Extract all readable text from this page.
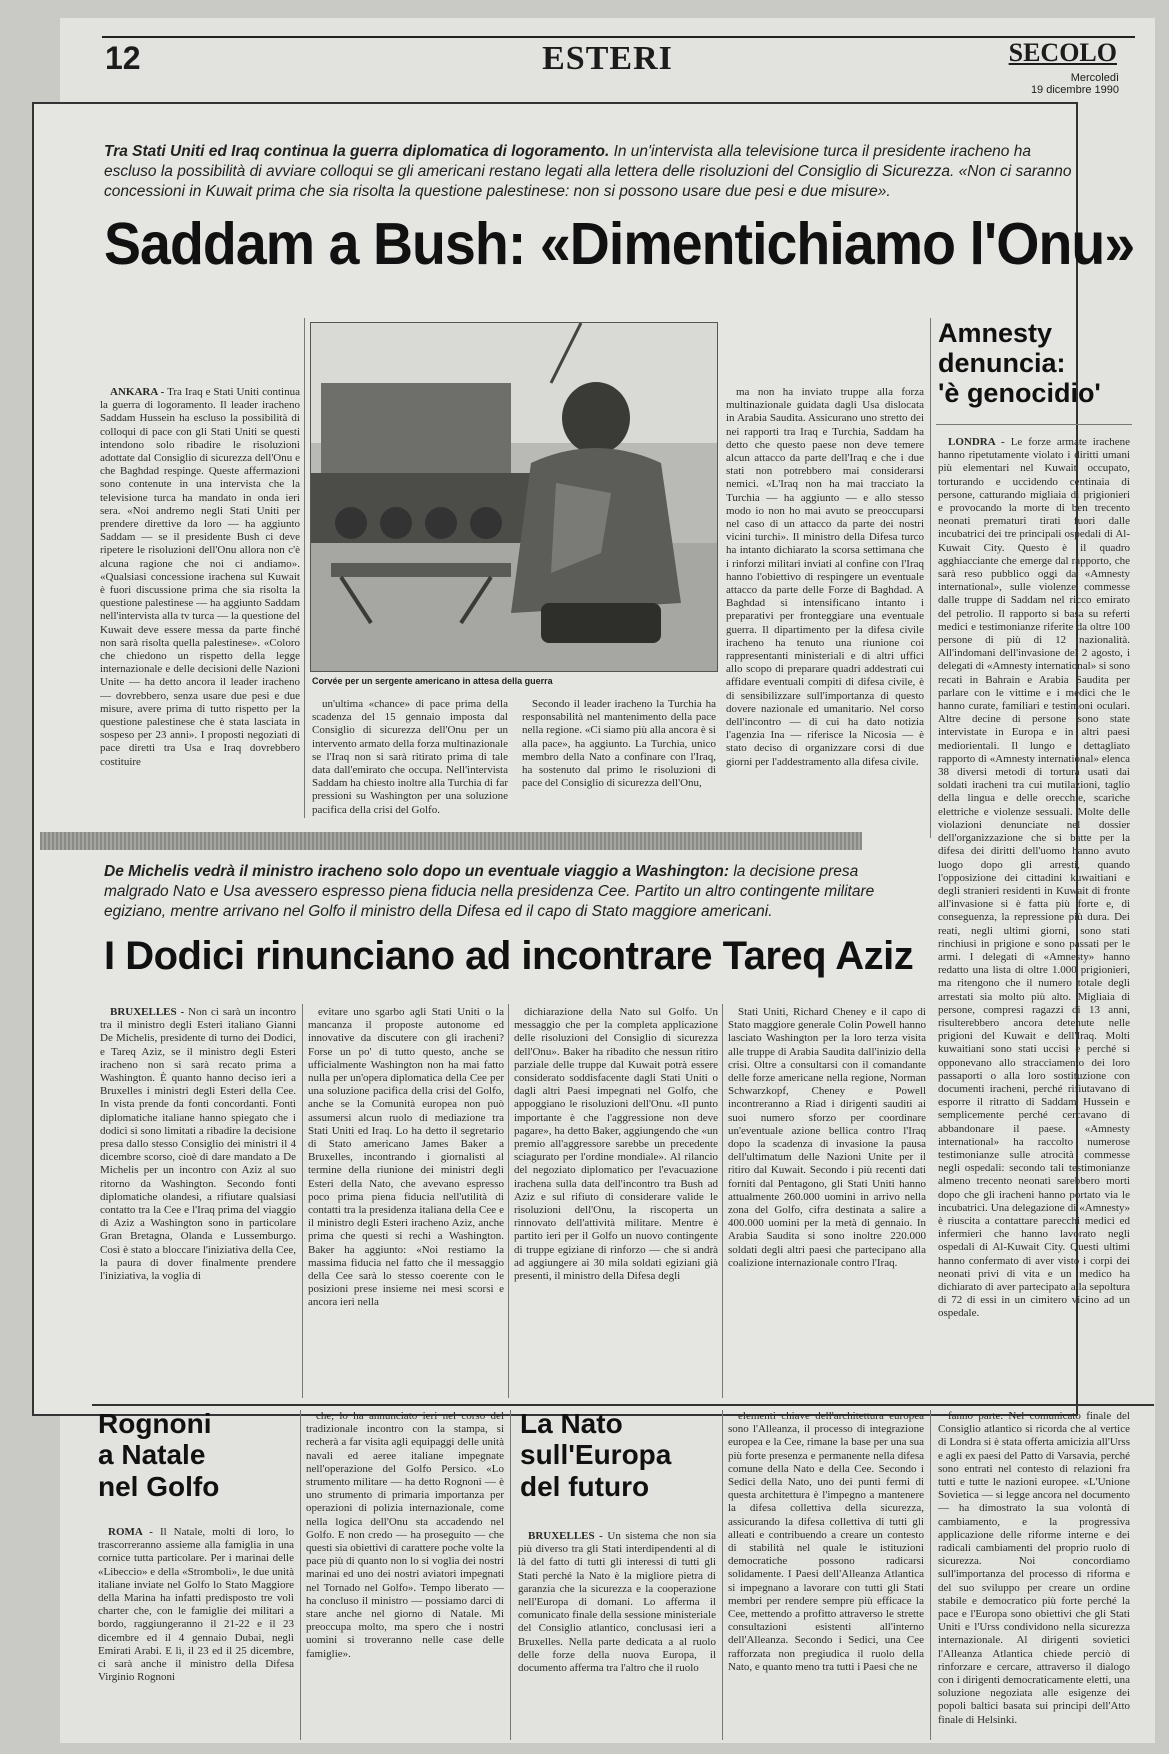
12	ESTERI	SECOLO
Mercoledì
19 dicembre 1990
Tra Stati Uniti ed Iraq continua la guerra diplomatica di logoramento. In un'intervista alla televisione turca il presidente iracheno ha escluso la possibilità di avviare colloqui se gli americani restano legati alla lettera delle risoluzioni del Consiglio di Sicurezza. «Non ci saranno concessioni in Kuwait prima che sia risolta la questione palestinese: non si possono usare due pesi e due misure».
Saddam a Bush: «Dimentichiamo l'Onu»

ANKARA - Tra Iraq e Stati Uniti continua la guerra di logoramento. Il leader iracheno Saddam Hussein ha escluso la possibilità di colloqui di pace con gli Stati Uniti se questi intendono solo ribadire le risoluzioni adottate dal Consiglio di sicurezza dell'Onu e che Baghdad respinge. Queste affermazioni sono contenute in una intervista che la televisione turca ha mandato in onda ieri sera. «Noi andremo negli Stati Uniti per prendere direttive da loro — ha aggiunto Saddam — se il presidente Bush ci deve ripetere le risoluzioni dell'Onu allora non c'è alcuna ragione che noi ci andiamo». «Qualsiasi concessione irachena sul Kuwait è fuori discussione prima che sia risolta la questione palestinese — ha aggiunto Saddam nell'intervista alla tv turca — la questione del Kuwait deve essere messa da parte finché non sarà risolta quella palestinese». «Coloro che chiedono un rispetto della legge internazionale e delle decisioni delle Nazioni Unite — ha detto ancora il leader iracheno — dovrebbero, senza usare due pesi e due misure, avere prima di tutto rispetto per la questione palestinese che è stata lasciata in sospeso per 23 anni». I proposti negoziati di pace diretti tra Usa e Iraq dovrebbero costituire

Corvée per un sergente americano in attesa della guerra

un'ultima «chance» di pace prima della scadenza del 15 gennaio imposta dal Consiglio di sicurezza dell'Onu per un intervento armato della forza multinazionale se l'Iraq non si sarà ritirato prima di tale data dall'emirato che occupa. Nell'intervista Saddam ha chiesto inoltre alla Turchia di far pressioni su Washington per una soluzione pacifica della crisi del Golfo.

Secondo il leader iracheno la Turchia ha responsabilità nel mantenimento della pace nella regione. «Ci siamo più alla ancora è si alla pace», ha aggiunto. La Turchia, unico membro della Nato a confinare con l'Iraq, ha sostenuto dal primo le risoluzioni di pace del Consiglio di sicurezza dell'Onu,

ma non ha inviato truppe alla forza multinazionale guidata dagli Usa dislocata in Arabia Saudita. Assicurano uno stretto dei nei rapporti tra Iraq e Turchia, Saddam ha detto che questo paese non deve temere alcun attacco da parte dell'Iraq e che i due stati non potrebbero mai considerarsi nemici. «L'Iraq non ha mai tracciato la Turchia — ha aggiunto — e allo stesso modo io non ho mai avuto se preoccuparsi nel caso di un attacco da parte dei nostri vicini turchi». Il ministro della Difesa turco ha intanto dichiarato la scorsa settimana che i rinforzi militari inviati al confine con l'Iraq hanno l'obiettivo di respingere un eventuale attacco da parte delle Forze di Baghdad. A Baghdad si intensificano intanto i preparativi per fronteggiare una eventuale guerra. Il dipartimento per la difesa civile iracheno ha tenuto una riunione coi rappresentanti ministeriali e di altri uffici allo scopo di preparare quadri addestrati cui affidare eventuali compiti di difesa civile, è di sensibilizzare sull'importanza di questo dovere nazionale ed umanitario. Nel corso dell'incontro — di cui ha dato notizia l'agenzia Ina — riferisce la Nicosia — è stato deciso di organizzare corsi di due giorni per l'addestramento alla difesa civile.

Amnesty
denuncia:
'è genocidio'

LONDRA - Le forze armate irachene hanno ripetutamente violato i diritti umani più elementari nel Kuwait occupato, torturando e uccidendo centinaia di persone, catturando migliaia di prigionieri e provocando la morte di ben trecento neonati prematuri tirati fuori dalle incubatrici dei tre principali ospedali di Al-Kuwait City. Questo è il quadro agghiacciante che emerge dal rapporto, che sarà reso pubblico oggi da «Amnesty international», sulle violenze commesse dalle truppe di Saddam nel ricco emirato del petrolio. Il rapporto si basa su referti medici e testimonianze riferite da oltre 100 persone di più di 12 nazionalità. All'indomani dell'invasione del 2 agosto, i delegati di «Amnesty international» si sono recati in Bahrain e Arabia Saudita per parlare con le vittime e i medici che le hanno curate, familiari e testimoni oculari. Altre decine di persone sono state intervistate in Europa e in altri paesi mediorientali. Il lungo e dettagliato rapporto di «Amnesty international» elenca 38 diversi metodi di tortura usati dai soldati iracheni tra cui mutilazioni, taglio della lingua e delle orecchie, scariche elettriche e violenze sessuali. Molte delle violazioni denunciate nel dossier dell'organizzazione che si batte per la difesa dei diritti dell'uomo hanno avuto luogo dopo gli arresti, quando l'opposizione dei cittadini kuwaitiani e degli stranieri residenti in Kuwait di fronte all'invasione si è fatta più forte e, di conseguenza, la repressione più dura. Dei reati, negli ultimi giorni, sono stati rinchiusi in prigione e sono passati per le armi. I delegati di «Amnesty» hanno redatto una lista di oltre 1.000 prigionieri, ma ritengono che il numero totale degli arrestati sia molto più alto. Migliaia di persone, compresi ragazzi di 13 anni, risulterebbero ancora detenute nelle prigioni del Kuwait e dell'Iraq. Molti kuwaitiani sono stati uccisi e perché si opponevano allo stracciamento dei loro passaporti o alla loro sostituzione con documenti iracheni, perché rifiutavano di esporre il ritratto di Saddam Hussein e semplicemente perché cercavano di abbandonare il paese. «Amnesty international» ha raccolto numerose testimonianze sulle atrocità commesse negli ospedali: secondo tali testimonianze almeno trecento neonati sarebbero morti dopo che gli iracheni hanno portato via le incubatrici. Una delegazione di «Amnesty» è riuscita a contattare parecchi medici ed infermieri che hanno lavorato negli ospedali di Al-Kuwait City. Questi ultimi hanno confermato di aver visto i corpi dei neonati privi di vita e un medico ha dichiarato di aver partecipato alla sepoltura di 72 di essi in un cimitero vicino ad un ospedale.

De Michelis vedrà il ministro iracheno solo dopo un eventuale viaggio a Washington: la decisione presa malgrado Nato e Usa avessero espresso piena fiducia nella presidenza Cee. Partito un altro contingente militare egiziano, mentre arrivano nel Golfo il ministro della Difesa ed il capo di Stato maggiore americani.
I Dodici rinunciano ad incontrare Tareq Aziz

BRUXELLES - Non ci sarà un incontro tra il ministro degli Esteri italiano Gianni De Michelis, presidente di turno dei Dodici, e Tareq Aziz, se il ministro degli Esteri iracheno non si sarà recato prima a Washington. È quanto hanno deciso ieri a Bruxelles i ministri degli Esteri della Cee. In vista prende da fonti concordanti. Fonti diplomatiche italiane hanno spiegato che i dodici si sono limitati a ribadire la decisione presa dallo stesso Consiglio dei ministri il 4 dicembre scorso, cioè di dare mandato a De Michelis per un incontro con Aziz al suo ritorno da Washington. Secondo fonti diplomatiche olandesi, a rifiutare qualsiasi contatto tra la Cee e l'Iraq prima del viaggio di Aziz a Washington sono in particolare Gran Bretagna, Olanda e Lussemburgo. Così è stato a bloccare l'iniziativa della Cee, la paura di dover finalmente prendere l'iniziativa, la voglia di

evitare uno sgarbo agli Stati Uniti o la mancanza il proposte autonome ed innovative da discutere con gli iracheni? Forse un po' di tutto questo, anche se ufficialmente Washington non ha mai fatto nulla per un'opera diplomatica della Cee per una soluzione pacifica della crisi del Golfo, anche se la Comunità europea non può assumersi alcun ruolo di mediazione tra Stati Uniti ed Iraq. Lo ha detto il segretario di Stato americano James Baker a Bruxelles, incontrando i giornalisti al termine della riunione dei ministri degli Esteri della Nato, che avevano espresso poco prima piena fiducia nell'utilità di contatti tra la presidenza italiana della Cee e il ministro degli Esteri iracheno Aziz, anche prima che questi si rechi a Washington. Baker ha aggiunto: «Noi restiamo la massima fiducia nel fatto che il messaggio della Cee sarà lo stesso coerente con le posizioni prese insieme nei mesi scorsi e ancora ieri nella

dichiarazione della Nato sul Golfo. Un messaggio che per la completa applicazione delle risoluzioni del Consiglio di sicurezza dell'Onu». Baker ha ribadito che nessun ritiro parziale delle truppe dal Kuwait potrà essere considerato soddisfacente dagli Stati Uniti o dagli altri Paesi impegnati nel Golfo, che appoggiano le risoluzioni dell'Onu. «Il punto importante è che l'aggressione non deve pagare», ha detto Baker, aggiungendo che «un premio all'aggressore sarebbe un precedente sciagurato per l'ordine mondiale». Al rilancio del negoziato diplomatico per l'evacuazione irachena sulla data dell'incontro tra Bush ad Aziz e sul rifiuto di considerare valide le risoluzioni dell'Onu, la riscoperta un rinnovato dell'attività militare. Mentre è partito ieri per il Golfo un nuovo contingente di truppe egiziane di rinforzo — che si andrà ad aggiungere ai 30 mila soldati egiziani già presenti, il ministro della Difesa degli

Stati Uniti, Richard Cheney e il capo di Stato maggiore generale Colin Powell hanno lasciato Washington per la loro terza visita alle truppe di Arabia Saudita dall'inizio della crisi. Oltre a consultarsi con il comandante delle forze americane nella regione, Norman Schwarzkopf, Cheney e Powell incontreranno a Riad i dirigenti sauditi ai suoi numero sforzo per coordinare un'eventuale azione bellica contro l'Iraq dopo la scadenza di invasione la pausa dell'ultimatum delle Nazioni Unite per il ritiro dal Kuwait. Secondo i più recenti dati forniti dal Pentagono, gli Stati Uniti hanno attualmente 260.000 uomini in arrivo nella zona del Golfo, cifra destinata a salire a 400.000 uomini per la metà di gennaio. In Arabia Saudita si sono inoltre 220.000 soldati degli altri paesi che partecipano alla coalizione internazionale contro l'Iraq.

Rognoni
a Natale
nel Golfo

ROMA - Il Natale, molti di loro, lo trascorreranno assieme alla famiglia in una cornice tutta particolare. Per i marinai delle «Libeccio» e della «Stromboli», le due unità italiane inviate nel Golfo lo Stato Maggiore della Marina ha infatti predisposto tre voli charter che, con le famiglie dei militari a bordo, raggiungeranno il 21-22 e il 23 dicembre ed il 4 gennaio Dubai, negli Emirati Arabi. E lì, il 23 ed il 25 dicembre, ci sarà anche il ministro della Difesa Virginio Rognoni

che, lo ha annunciato ieri nel corso del tradizionale incontro con la stampa, si recherà a far visita agli equipaggi delle unità navali ed aeree italiane impegnate nell'operazione del Golfo Persico. «Lo strumento militare — ha detto Rognoni — è uno strumento di primaria importanza per operazioni di polizia internazionale, come nella logica dell'Onu sta accadendo nel Golfo. E non credo — ha proseguito — che questi sia obiettivi di carattere poche volte la pace più di quanto non lo si voglia dei nostri marinai ed uno dei nostri aviatori impegnati nel Tornado nel Golfo». Tempo liberato — ha concluso il ministro — possiamo darci di stare anche nel giorno di Natale. Mi preoccupa molto, ma spero che i nostri uomini si troveranno nelle case delle famiglie».

La Nato
sull'Europa
del futuro

BRUXELLES - Un sistema che non sia più diverso tra gli Stati interdipendenti al di là del fatto di tutti gli interessi di tutti gli Stati perché la Nato è la migliore pietra di garanzia che la sicurezza e la cooperazione nell'Europa di domani. Lo afferma il comunicato finale della sessione ministeriale del Consiglio atlantico, conclusasi ieri a Bruxelles. Nella parte dedicata a al ruolo delle forze della nuova Europa, il documento afferma tra l'altro che il ruolo

elementi chiave dell'architettura europea sono l'Alleanza, il processo di integrazione europea e la Cee, rimane la base per una sua più forte presenza e permanente nella difesa comune della Nato e della Cee. Secondo i Sedici della Nato, uno dei punti fermi di questa architettura è l'impegno a mantenere la difesa collettiva della sicurezza, assicurando la difesa collettiva di tutti gli alleati e contribuendo a creare un contesto di stabilità nel quale le istituzioni democratiche possono radicarsi solidamente. I Paesi dell'Alleanza Atlantica si impegnano a lavorare con tutti gli Stati membri per rendere sempre più efficace la Cee, mettendo a profitto attraverso le strette consultazioni esistenti all'interno dell'Alleanza. Secondo i Sedici, una Cee rafforzata non pregiudica il ruolo della Nato, e quanto meno tra tutti i Paesi che ne

fanno parte. Nel comunicato finale del Consiglio atlantico si ricorda che al vertice di Londra si è stata offerta amicizia all'Urss e agli ex paesi del Patto di Varsavia, perché sono entrati nel contesto di relazioni fra tutti e tutte le nazioni europee. «L'Unione Sovietica — si legge ancora nel documento — ha dimostrato la sua volontà di cambiamento, e la progressiva applicazione delle riforme interne e dei radicali cambiamenti del proprio ruolo di sicurezza. Noi concordiamo sull'importanza del processo di riforma e del suo sviluppo per creare un ordine stabile e democratico più forte perché la pace e l'Europa sono obiettivi che gli Stati Uniti e l'Urss condividono nella sicurezza internazionale. Al dirigenti sovietici l'Alleanza Atlantica chiede perciò di rinforzare e cercare, attraverso il dialogo con i dirigenti democraticamente eletti, una soluzione negoziata alle esigenze dei popoli baltici basata sui principi dell'Atto finale di Helsinki.
